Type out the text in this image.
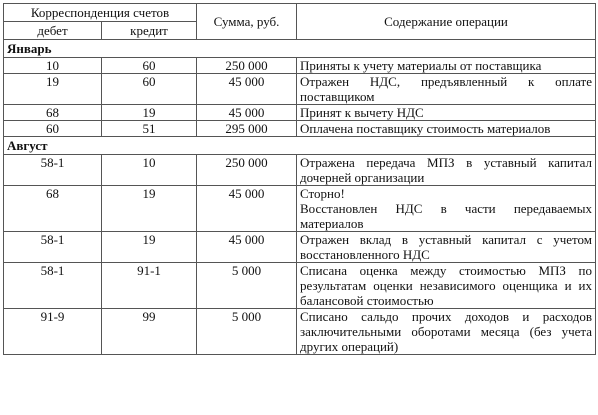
Корреспонденция счетов		Сумма, руб.	Содержание операции
дебет	кредит		
Январь			
10	60	250 000	Приняты к учету материалы от поставщика

19	60	45 000	Отражен НДС, предъявленный к оплате поставщиком

68	19	45 000	Принят к вычету НДС

60	51	295 000	Оплачена поставщику стоимость материалов

Август			
58-1	10	250 000	Отражена передача МПЗ в уставный капитал дочерней организации

68	19	45 000	Сторно!
Восстановлен НДС в части передаваемых материалов

58-1	19	45 000	Отражен вклад в уставный капитал с учетом восстановленного НДС

58-1	91-1	5 000	Списана оценка между стоимостью МПЗ по результатам оценки независимого оценщика и их балансовой стоимостью

91-9	99	5 000	Списано сальдо прочих доходов и расходов заключительными оборотами месяца (без учета других операций)
